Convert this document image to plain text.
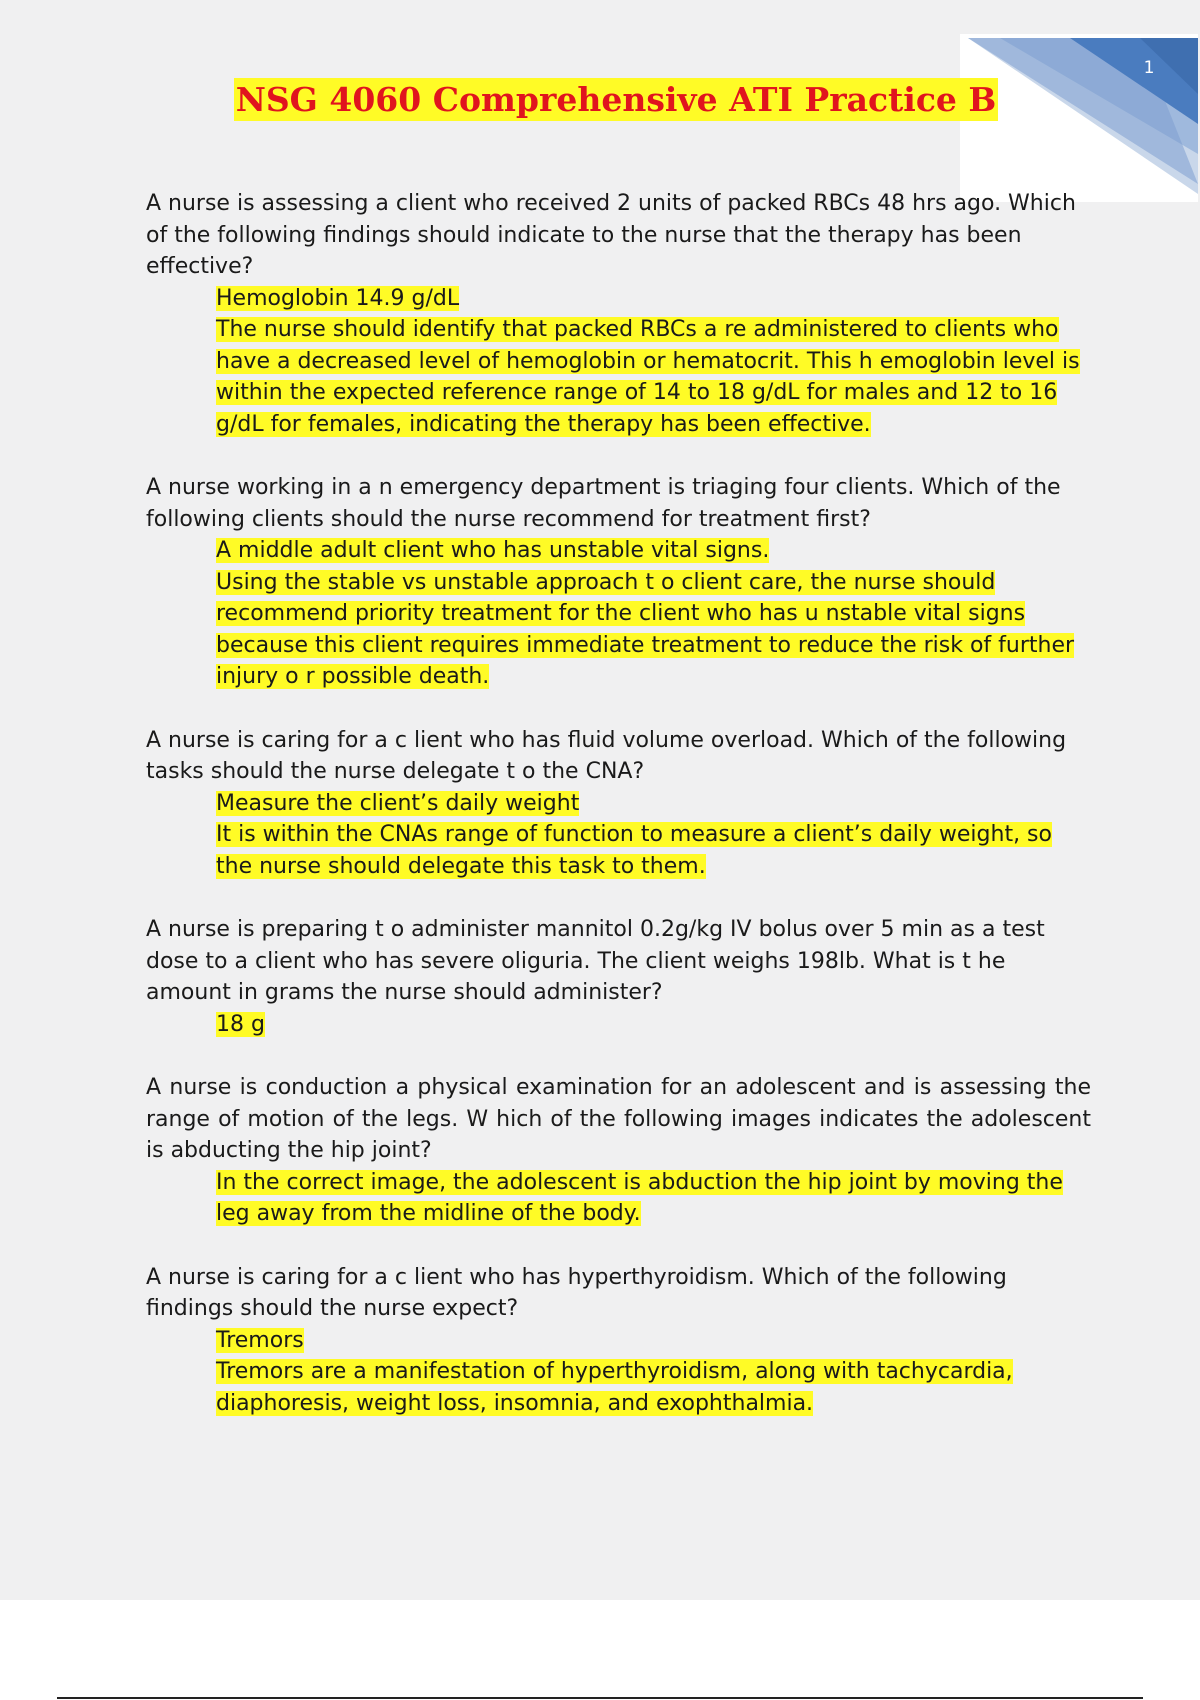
1
NSG 4060 Comprehensive ATI Practice B

A nurse is assessing a client who received 2 units of packed RBCs 48 hrs ago. Which of the following findings should indicate to the nurse that the therapy has been effective?

Hemoglobin 14.9 g/dL

The nurse should identify that packed RBCs a re administered to clients who have a decreased level of hemoglobin or hematocrit. This h emoglobin level is within the expected reference range of 14 to 18 g/dL for males and 12 to 16 g/dL for females, indicating the therapy has been effective.

A nurse working in a n emergency department is triaging four clients. Which of the following clients should the nurse recommend for treatment first?

A middle adult client who has unstable vital signs.

Using the stable vs unstable approach t o client care, the nurse should recommend priority treatment for the client who has u nstable vital signs because this client requires immediate treatment to reduce the risk of further injury o r possible death.

A nurse is caring for a c lient who has fluid volume overload. Which of the following tasks should the nurse delegate t o the CNA?

Measure the client’s daily weight

It is within the CNAs range of function to measure a client’s daily weight, so the nurse should delegate this task to them.

A nurse is preparing t o administer mannitol 0.2g/kg IV bolus over 5 min as a test dose to a client who has severe oliguria. The client weighs 198lb. What is t he amount in grams the nurse should administer?

18 g

A nurse is conduction a physical examination for an adolescent and is assessing the range of motion of the legs. W hich of the following images indicates the adolescent is abducting the hip joint?

In the correct image, the adolescent is abduction the hip joint by moving the leg away from the midline of the body.

A nurse is caring for a c lient who has hyperthyroidism. Which of the following findings should the nurse expect?

Tremors

Tremors are a manifestation of hyperthyroidism, along with tachycardia, diaphoresis, weight loss, insomnia, and exophthalmia.
